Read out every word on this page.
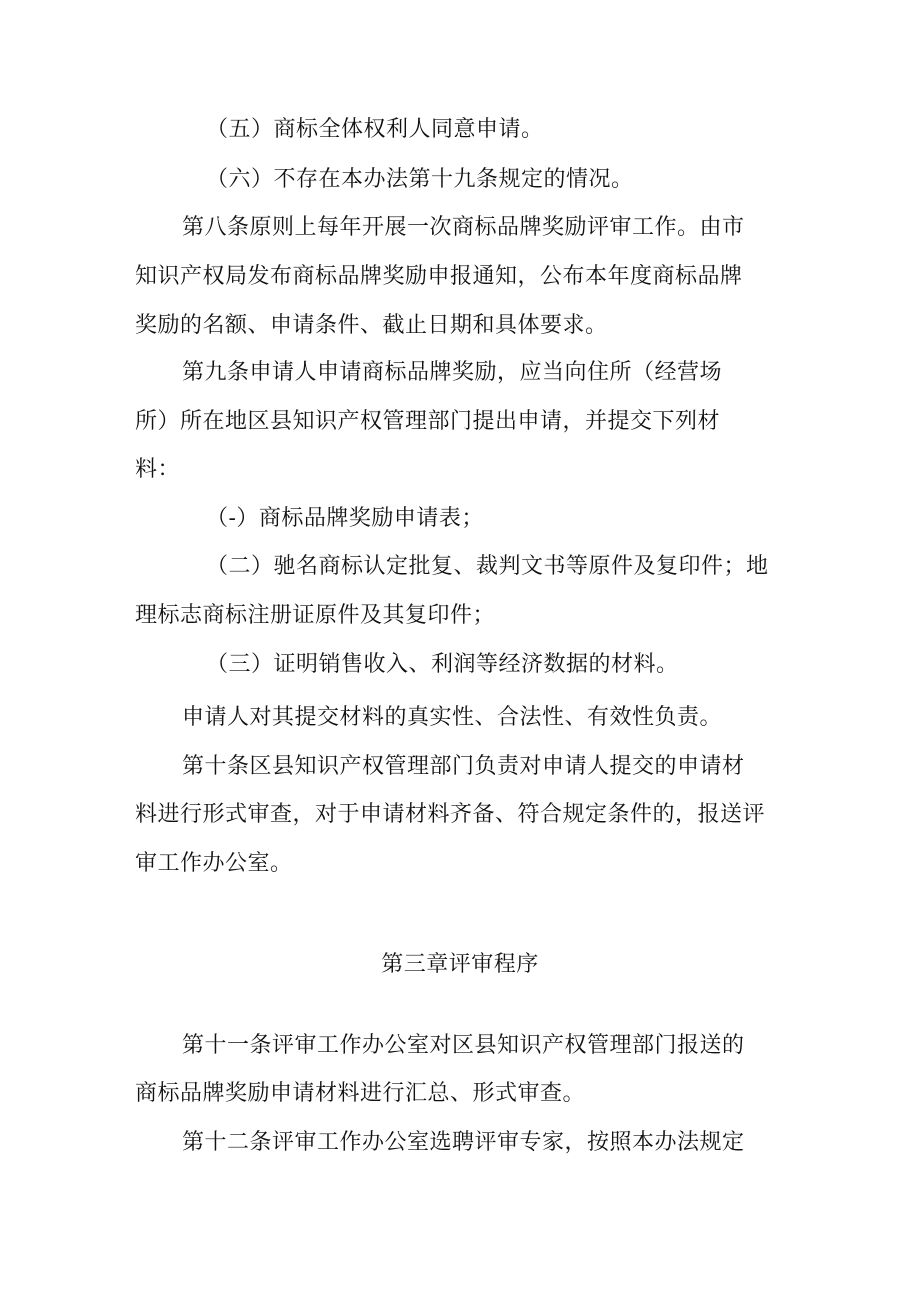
（五）商标全体权利人同意申请。
（六）不存在本办法第十九条规定的情况。
第八条原则上每年开展一次商标品牌奖励评审工作。由市
知识产权局发布商标品牌奖励申报通知，公布本年度商标品牌
奖励的名额、申请条件、截止日期和具体要求。
第九条申请人申请商标品牌奖励，应当向住所（经营场
所）所在地区县知识产权管理部门提出申请，并提交下列材
料：
（-）商标品牌奖励申请表；
（二）驰名商标认定批复、裁判文书等原件及复印件；地
理标志商标注册证原件及其复印件；
（三）证明销售收入、利润等经济数据的材料。
申请人对其提交材料的真实性、合法性、有效性负责。
第十条区县知识产权管理部门负责对申请人提交的申请材
料进行形式审查，对于申请材料齐备、符合规定条件的，报送评
审工作办公室。
第三章评审程序
第十一条评审工作办公室对区县知识产权管理部门报送的
商标品牌奖励申请材料进行汇总、形式审查。
第十二条评审工作办公室选聘评审专家，按照本办法规定
